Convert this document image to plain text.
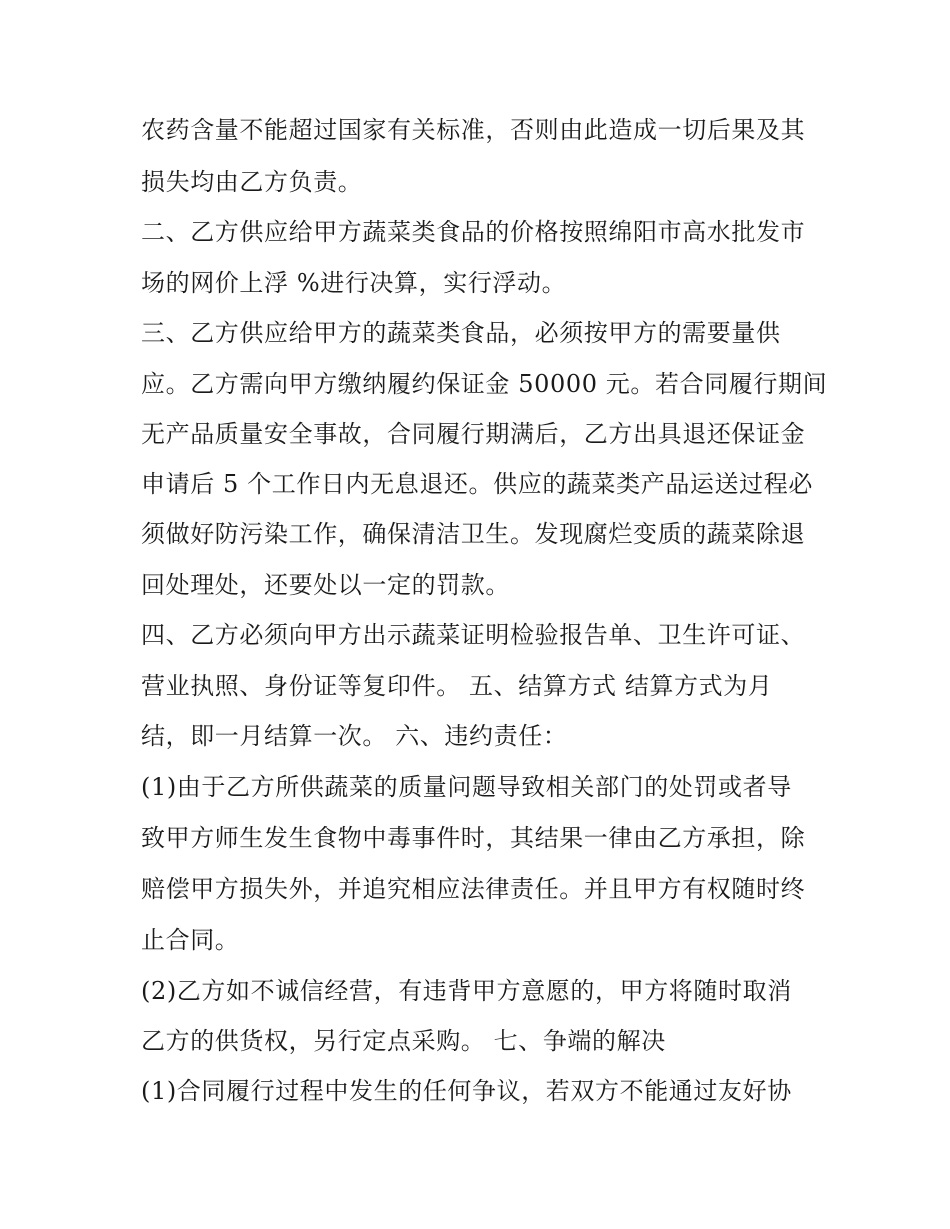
农药含量不能超过国家有关标准，否则由此造成一切后果及其
损失均由乙方负责。
二、乙方供应给甲方蔬菜类食品的价格按照绵阳市高水批发市
场的网价上浮 %进行决算，实行浮动。
三、乙方供应给甲方的蔬菜类食品，必须按甲方的需要量供
应。乙方需向甲方缴纳履约保证金 50000 元。若合同履行期间
无产品质量安全事故，合同履行期满后，乙方出具退还保证金
申请后 5 个工作日内无息退还。供应的蔬菜类产品运送过程必
须做好防污染工作，确保清洁卫生。发现腐烂变质的蔬菜除退
回处理处，还要处以一定的罚款。
四、乙方必须向甲方出示蔬菜证明检验报告单、卫生许可证、
营业执照、身份证等复印件。 五、结算方式 结算方式为月
结，即一月结算一次。 六、违约责任：
(1)由于乙方所供蔬菜的质量问题导致相关部门的处罚或者导
致甲方师生发生食物中毒事件时，其结果一律由乙方承担，除
赔偿甲方损失外，并追究相应法律责任。并且甲方有权随时终
止合同。
(2)乙方如不诚信经营，有违背甲方意愿的，甲方将随时取消
乙方的供货权，另行定点采购。 七、争端的解决
(1)合同履行过程中发生的任何争议，若双方不能通过友好协
